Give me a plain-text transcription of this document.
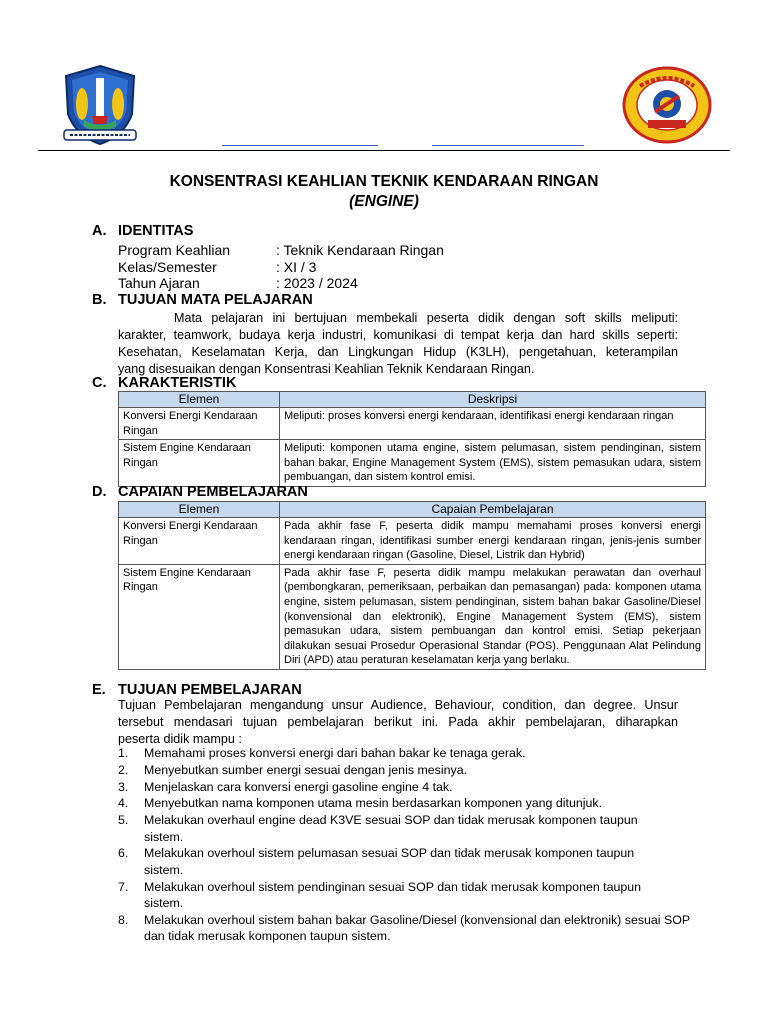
KONSENTRASI KEAHLIAN TEKNIK KENDARAAN RINGAN
(ENGINE)
A. IDENTITAS
Program Keahlian	: Teknik Kendaraan Ringan
Kelas/Semester	: XI / 3
Tahun Ajaran	: 2023 / 2024
B. TUJUAN MATA PELAJARAN
Mata pelajaran ini bertujuan membekali peserta didik dengan soft skills meliputi:
karakter, teamwork, budaya kerja industri, komunikasi di tempat kerja dan hard skills seperti:
Kesehatan, Keselamatan Kerja, dan Lingkungan Hidup (K3LH), pengetahuan, keterampilan
yang disesuaikan dengan Konsentrasi Keahlian Teknik Kendaraan Ringan.
C. KARAKTERISTIK
Elemen	Deskripsi
Konversi Energi Kendaraan Ringan	Meliputi: proses konversi energi kendaraan, identifikasi energi kendaraan ringan
Sistem Engine Kendaraan Ringan	Meliputi: komponen utama engine, sistem pelumasan, sistem pendinginan, sistem bahan bakar, Engine Management System (EMS), sistem pemasukan udara, sistem pembuangan, dan sistem kontrol emisi.
D. CAPAIAN PEMBELAJARAN
Elemen	Capaian Pembelajaran
Konversi Energi Kendaraan Ringan	Pada akhir fase F, peserta didik mampu memahami proses konversi energi kendaraan ringan, identifikasi sumber energi kendaraan ringan, jenis-jenis sumber energi kendaraan ringan (Gasoline, Diesel, Listrik dan Hybrid)
Sistem Engine Kendaraan Ringan	Pada akhir fase F, peserta didik mampu melakukan perawatan dan overhaul (pembongkaran, pemeriksaan, perbaikan dan pemasangan) pada: komponen utama engine, sistem pelumasan, sistem pendinginan, sistem bahan bakar Gasoline/Diesel (konvensional dan elektronik), Engine Management System (EMS), sistem pemasukan udara, sistem pembuangan dan kontrol emisi. Setiap pekerjaan dilakukan sesuai Prosedur Operasional Standar (POS). Penggunaan Alat Pelindung Diri (APD) atau peraturan keselamatan kerja yang berlaku.
E. TUJUAN PEMBELAJARAN
Tujuan Pembelajaran mengandung unsur Audience, Behaviour, condition, dan degree. Unsur
tersebut mendasari tujuan pembelajaran berikut ini. Pada akhir pembelajaran, diharapkan
peserta didik mampu :
1. Memahami proses konversi energi dari bahan bakar ke tenaga gerak.
2. Menyebutkan sumber energi sesuai dengan jenis mesinya.
3. Menjelaskan cara konversi energi gasoline engine 4 tak.
4. Menyebutkan nama komponen utama mesin berdasarkan komponen yang ditunjuk.
5. Melakukan overhaul engine dead K3VE sesuai SOP dan tidak merusak komponen taupun sistem.
6. Melakukan overhoul sistem pelumasan sesuai SOP dan tidak merusak komponen taupun sistem.
7. Melakukan overhoul sistem pendinginan sesuai SOP dan tidak merusak komponen taupun sistem.
8. Melakukan overhoul sistem bahan bakar Gasoline/Diesel (konvensional dan elektronik) sesuai SOP dan tidak merusak komponen taupun sistem.
